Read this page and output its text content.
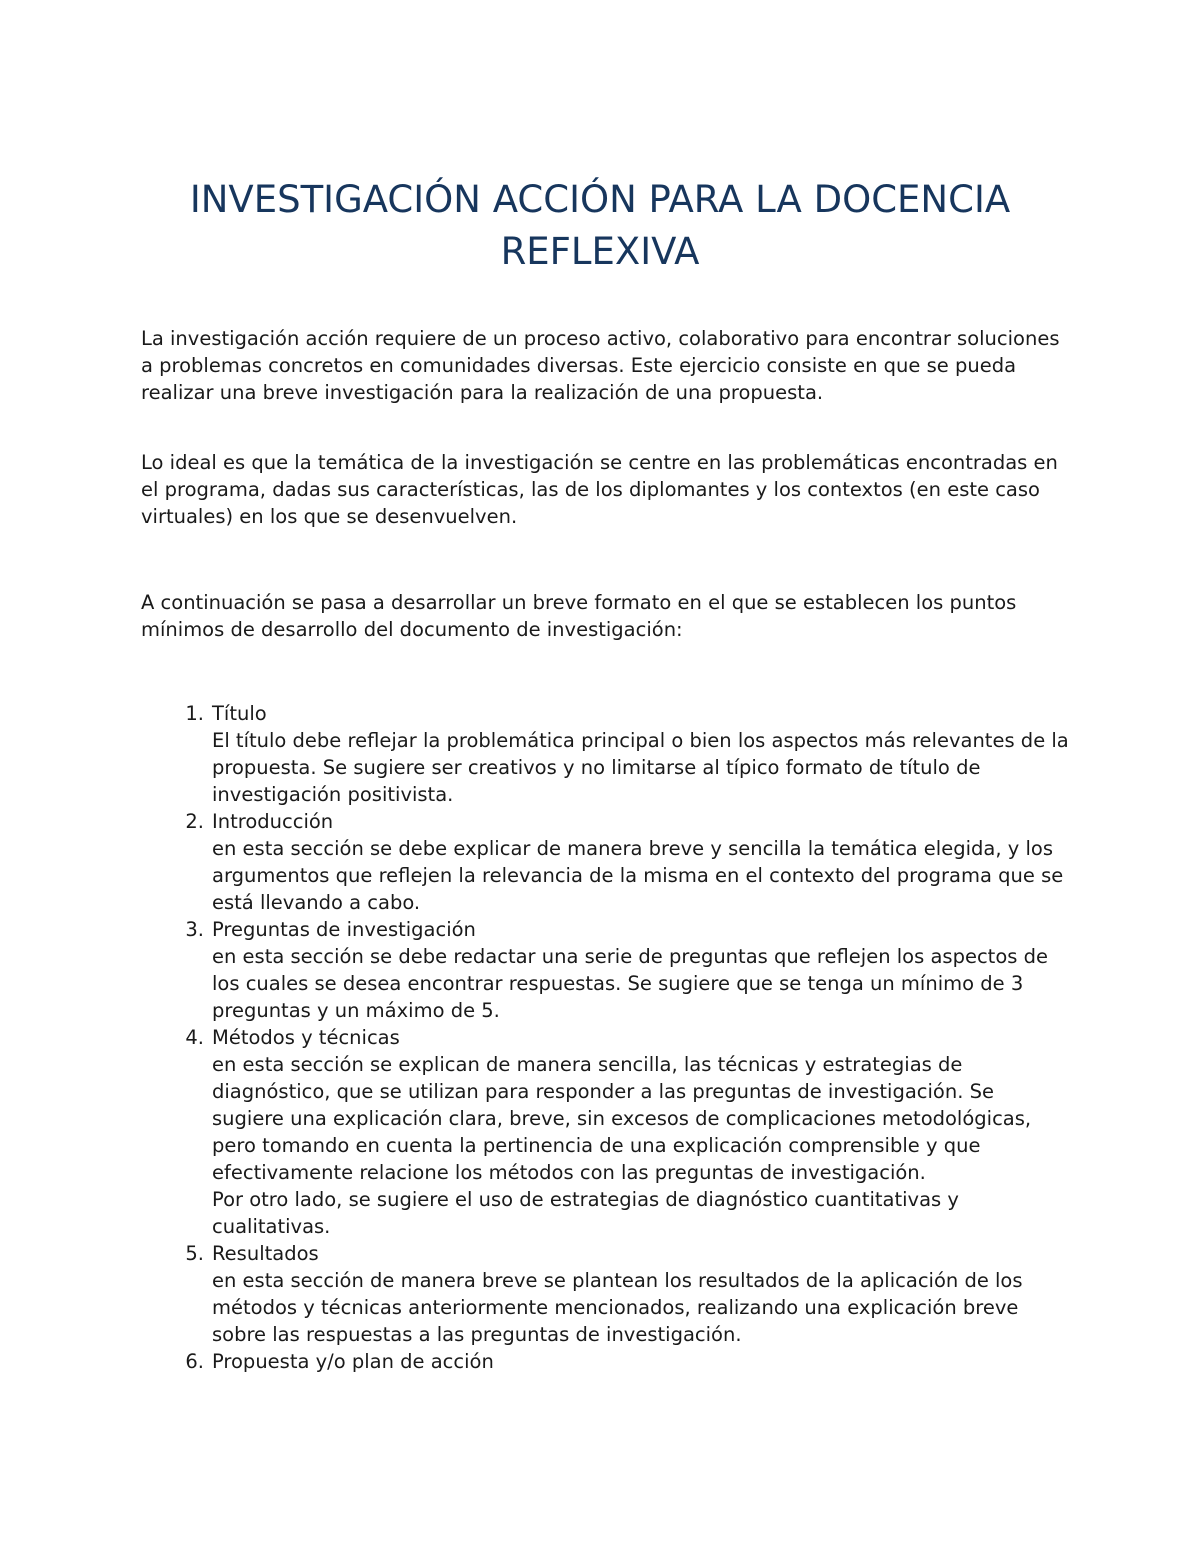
INVESTIGACIÓN ACCIÓN PARA LA DOCENCIA REFLEXIVA

La investigación acción requiere de un proceso activo, colaborativo para encontrar soluciones a problemas concretos en comunidades diversas. Este ejercicio consiste en que se pueda realizar una breve investigación para la realización de una propuesta.

Lo ideal es que la temática de la investigación se centre en las problemáticas encontradas en el programa, dadas sus características, las de los diplomantes y los contextos (en este caso virtuales) en los que se desenvuelven.

A continuación se pasa a desarrollar un breve formato en el que se establecen los puntos mínimos de desarrollo del documento de investigación:

1. Título
El título debe reflejar la problemática principal o bien los aspectos más relevantes de la propuesta. Se sugiere ser creativos y no limitarse al típico formato de título de investigación positivista.
2. Introducción
en esta sección se debe explicar de manera breve y sencilla la temática elegida, y los argumentos que reflejen la relevancia de la misma en el contexto del programa que se está llevando a cabo.
3. Preguntas de investigación
en esta sección se debe redactar una serie de preguntas que reflejen los aspectos de los cuales se desea encontrar respuestas. Se sugiere que se tenga un mínimo de 3 preguntas y un máximo de 5.
4. Métodos y técnicas
en esta sección se explican de manera sencilla, las técnicas y estrategias de diagnóstico, que se utilizan para responder a las preguntas de investigación. Se sugiere una explicación clara, breve, sin excesos de complicaciones metodológicas, pero tomando en cuenta la pertinencia de una explicación comprensible y que efectivamente relacione los métodos con las preguntas de investigación.
Por otro lado, se sugiere el uso de estrategias de diagnóstico cuantitativas y cualitativas.
5. Resultados
en esta sección de manera breve se plantean los resultados de la aplicación de los métodos y técnicas anteriormente mencionados, realizando una explicación breve sobre las respuestas a las preguntas de investigación.
6. Propuesta y/o plan de acción
